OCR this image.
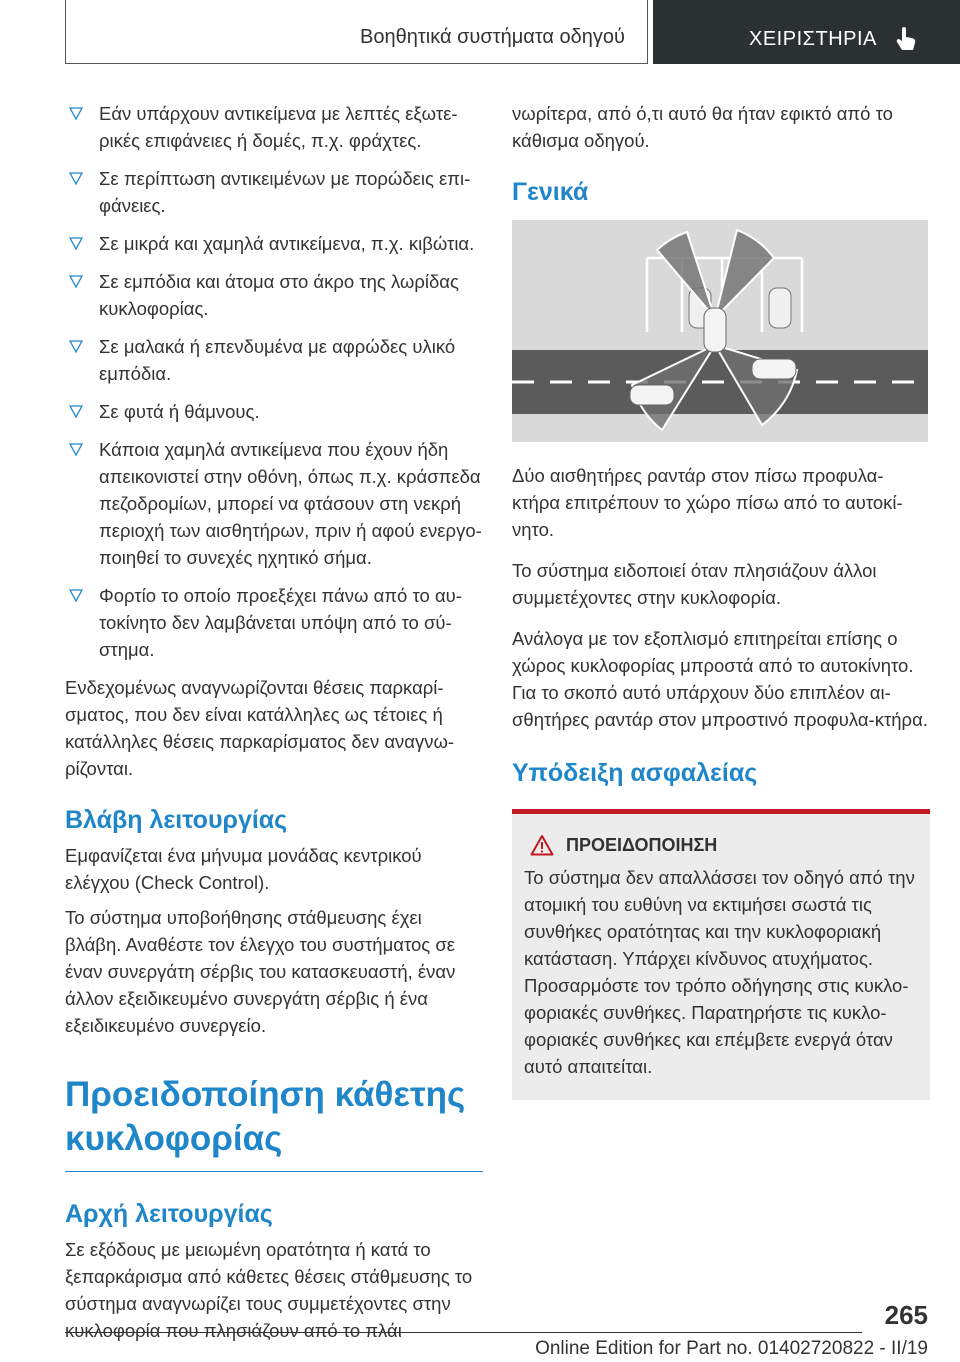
Βοηθητικά συστήματα οδηγού	ΧΕΙΡΙΣΤΗΡΙΑ
Εάν υπάρχουν αντικείμενα με λεπτές εξωτε-ρικές επιφάνειες ή δομές, π.χ. φράχτες.
Σε περίπτωση αντικειμένων με πορώδεις επι-φάνειες.
Σε μικρά και χαμηλά αντικείμενα, π.χ. κιβώτια.
Σε εμπόδια και άτομα στο άκρο της λωρίδας κυκλοφορίας.
Σε μαλακά ή επενδυμένα με αφρώδες υλικό εμπόδια.
Σε φυτά ή θάμνους.
Κάποια χαμηλά αντικείμενα που έχουν ήδη απεικονιστεί στην οθόνη, όπως π.χ. κράσπεδα πεζοδρομίων, μπορεί να φτάσουν στη νεκρή περιοχή των αισθητήρων, πριν ή αφού ενεργο-ποιηθεί το συνεχές ηχητικό σήμα.
Φορτίο το οποίο προεξέχει πάνω από το αυ-τοκίνητο δεν λαμβάνεται υπόψη από το σύ-στημα.

Ενδεχομένως αναγνωρίζονται θέσεις παρκαρί-σματος, που δεν είναι κατάλληλες ως τέτοιες ή κατάλληλες θέσεις παρκαρίσματος δεν αναγνω-ρίζονται.

Βλάβη λειτουργίας

Εμφανίζεται ένα μήνυμα μονάδας κεντρικού ελέγχου (Check Control).

Το σύστημα υποβοήθησης στάθμευσης έχει βλάβη. Αναθέστε τον έλεγχο του συστήματος σε έναν συνεργάτη σέρβις του κατασκευαστή, έναν άλλον εξειδικευμένο συνεργάτη σέρβις ή ένα εξειδικευμένο συνεργείο.

Προειδοποίηση κάθετης κυκλοφορίας
Αρχή λειτουργίας

Σε εξόδους με μειωμένη ορατότητα ή κατά το ξεπαρκάρισμα από κάθετες θέσεις στάθμευσης το σύστημα αναγνωρίζει τους συμμετέχοντες στην κυκλοφορία που πλησιάζουν από το πλάι

νωρίτερα, από ό,τι αυτό θα ήταν εφικτό από το κάθισμα οδηγού.

Γενικά

Δύο αισθητήρες ραντάρ στον πίσω προφυλα-κτήρα επιτρέπουν το χώρο πίσω από το αυτοκί-νητο.

Το σύστημα ειδοποιεί όταν πλησιάζουν άλλοι συμμετέχοντες στην κυκλοφορία.

Ανάλογα με τον εξοπλισμό επιτηρείται επίσης ο χώρος κυκλοφορίας μπροστά από το αυτοκίνητο. Για το σκοπό αυτό υπάρχουν δύο επιπλέον αι-σθητήρες ραντάρ στον μπροστινό προφυλα-κτήρα.

Υπόδειξη ασφαλείας
ΠΡΟΕΙΔΟΠΟΙΗΣΗ

Το σύστημα δεν απαλλάσσει τον οδηγό από την ατομική του ευθύνη να εκτιμήσει σωστά τις συνθήκες ορατότητας και την κυκλοφοριακή κατάσταση. Υπάρχει κίνδυνος ατυχήματος. Προσαρμόστε τον τρόπο οδήγησης στις κυκλο-φοριακές συνθήκες. Παρατηρήστε τις κυκλο-φοριακές συνθήκες και επέμβετε ενεργά όταν αυτό απαιτείται.

265
Online Edition for Part no. 01402720822 - II/19
